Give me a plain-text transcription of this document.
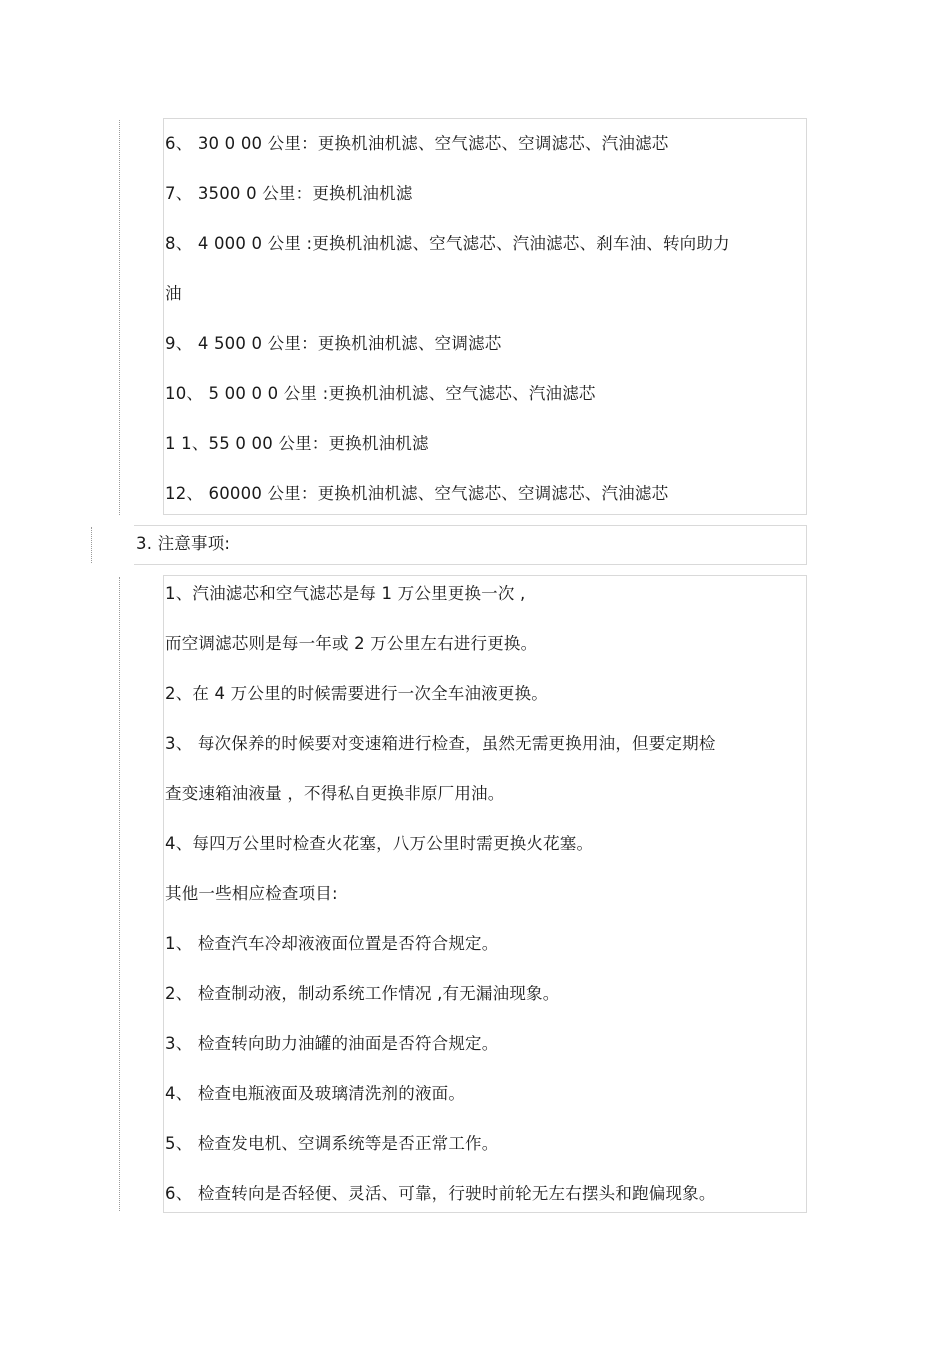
6、 30 0 00 公里：更换机油机滤、空气滤芯、空调滤芯、汽油滤芯
7、 3500 0 公里：更换机油机滤
8、 4 000 0 公里 :更换机油机滤、空气滤芯、汽油滤芯、刹车油、转向助力
油
9、 4 500 0 公里：更换机油机滤、空调滤芯
10、 5 00 0 0 公里 :更换机油机滤、空气滤芯、汽油滤芯
1 1、55 0 00 公里：更换机油机滤
12、 60000 公里：更换机油机滤、空气滤芯、空调滤芯、汽油滤芯
3. 注意事项:
1、汽油滤芯和空气滤芯是每 1 万公里更换一次 ,
而空调滤芯则是每一年或 2 万公里左右进行更换。
2、在 4 万公里的时候需要进行一次全车油液更换。
3、 每次保养的时候要对变速箱进行检查，虽然无需更换用油，但要定期检
查变速箱油液量 ，不得私自更换非原厂用油。
4、每四万公里时检查火花塞，八万公里时需更换火花塞。
其他一些相应检查项目:
1、 检查汽车冷却液液面位置是否符合规定。
2、 检查制动液，制动系统工作情况 ,有无漏油现象。
3、 检查转向助力油罐的油面是否符合规定。
4、 检查电瓶液面及玻璃清洗剂的液面。
5、 检查发电机、空调系统等是否正常工作。
6、 检查转向是否轻便、灵活、可靠，行驶时前轮无左右摆头和跑偏现象。
